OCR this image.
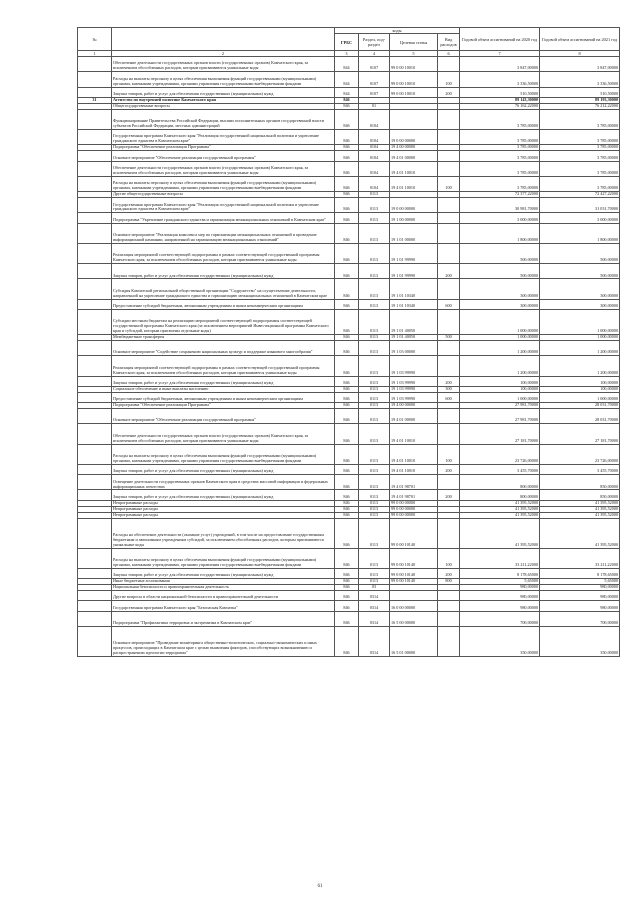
№		коды				Годовой объем ассигнований на 2020 год	Годовой объем ассигнований на 2021 год
		ГРБС	Раздел, под-раздел	Целевая статья	Вид расходов		
1	2	3	4	5	6	7	8
	Обеспечение деятельности государственных органов власти (государственных органов) Камчатского края, за исключением обособленных расходов, которым присваиваются уникальные коды	844	0107	99 0 00 10010		3 847,00000	3 847,00000
	Расходы на выплаты персоналу в целях обеспечения выполнения функций государственными (муниципальными) органами, казенными учреждениями, органами управления государственными внебюджетными фондами	844	0107	99 0 00 10010	100	3 336,50000	3 336,50000
	Закупка товаров, работ и услуг для обеспечения государственных (муниципальных) нужд	844	0107	99 0 00 10010	200	510,50000	510,50000
31	Агентство по внутренней политике Камчатского края	846				89 143,30000	89 193,30000
	Общегосударственные вопросы	846	01			76 162,22000	76 212,22000
	Функционирование Правительства Российской Федерации, высших исполнительных органов государственной власти субъектов Российской Федерации, местных администраций	846	0104			3 785,00000	3 785,00000
	Государственная программа Камчатского края "Реализация государственной национальной политики и укрепление гражданского единства в Камчатском крае"	846	0104	19 0 00 00000		3 785,00000	3 785,00000
	Подпрограмма "Обеспечение реализации Программы"	846	0104	19 4 00 00000		3 785,00000	3 785,00000
	Основное мероприятие "Обеспечение реализации государственной программы"	846	0104	19 4 01 00000		3 785,00000	3 785,00000
	Обеспечение деятельности государственных органов власти (государственных органов) Камчатского края, за исключением обособленных расходов, которым присваиваются уникальные коды	846	0104	19 4 01 10010		3 785,00000	3 785,00000
	Расходы на выплаты персоналу в целях обеспечения выполнения функций государственными (муниципальными) органами, казенными учреждениями, органами управления государственными внебюджетными фондами	846	0104	19 4 01 10010	100	3 785,00000	3 785,00000
	Другие общегосударственные вопросы	846	0113			72 377,22000	72 427,22000
	Государственная программа Камчатского края "Реализация государственной национальной политики и укрепление гражданского единства в Камчатском крае"	846	0113	19 0 00 00000		30 981,70000	31 031,70000
	Подпрограмма "Укрепление гражданского единства и гармонизация межнациональных отношений в Камчатском крае"	846	0113	19 1 00 00000		3 000,00000	3 000,00000
	Основное мероприятие "Реализация комплекса мер по гармонизации межнациональных отношений и проведение информационной кампании, направленной на гармонизацию межнациональных отношений"	846	0113	19 1 01 00000		1 800,00000	1 800,00000
	Реализация мероприятий соответствующей подпрограммы в рамках соответствующей государственной программы Камчатского края, за исключением обособленных расходов, которым присваиваются уникальные коды	846	0113	19 1 01 99990		500,00000	500,00000
	Закупка товаров, работ и услуг для обеспечения государственных (муниципальных) нужд	846	0113	19 1 01 99990	200	500,00000	500,00000
	Субсидия Камчатской региональной общественной организации "Содружество" на осуществление деятельности, направленной на укрепление гражданского единства и гармонизацию межнациональных отношений в Камчатском крае	846	0113	19 1 01 10340		300,00000	300,00000
	Предоставление субсидий бюджетным, автономным учреждениям и иным некоммерческим организациям	846	0113	19 1 01 10340	600	300,00000	300,00000
	Субсидии местным бюджетам на реализацию мероприятий соответствующей подпрограммы соответствующей государственной программы Камчатского края (за исключением мероприятий Инвестиционной программы Камчатского края и субсидий, которым присвоены отдельные коды)	846	0113	19 1 01 40050		1 000,00000	1 000,00000
	Межбюджетные трансферты	846	0113	19 1 01 40050	500	1 000,00000	1 000,00000
	Основное мероприятие "Содействие сохранению национальных культур и поддержке языкового многообразия"	846	0113	19 1 03 00000		1 200,00000	1 200,00000
	Реализация мероприятий соответствующей подпрограммы в рамках соответствующей государственной программы Камчатского края, за исключением обособленных расходов, которым присваиваются уникальные коды	846	0113	19 1 03 99990		1 200,00000	1 200,00000
	Закупка товаров, работ и услуг для обеспечения государственных (муниципальных) нужд	846	0113	19 1 03 99990	200	100,00000	100,00000
	Социальное обеспечение и иные выплаты населению	846	0113	19 1 03 99990	300	100,00000	100,00000
	Предоставление субсидий бюджетным, автономным учреждениям и иным некоммерческим организациям	846	0113	19 1 03 99990	600	1 000,00000	1 000,00000
	Подпрограмма "Обеспечение реализации Программы"	846	0113	19 4 00 00000		27 981,70000	28 031,70000
	Основное мероприятие "Обеспечение реализации государственной программы"	846	0113	19 4 01 00000		27 981,70000	28 031,70000
	Обеспечение деятельности государственных органов власти (государственных органов) Камчатского края, за исключением обособленных расходов, которым присваиваются уникальные коды	846	0113	19 4 01 10010		27 181,70000	27 181,70000
	Расходы на выплаты персоналу в целях обеспечения выполнения функций государственными (муниципальными) органами, казенными учреждениями, органами управления государственными внебюджетными фондами	846	0113	19 4 01 10010	100	23 726,00000	23 726,00000
	Закупка товаров, работ и услуг для обеспечения государственных (муниципальных) нужд	846	0113	19 4 01 10010	200	3 455,70000	3 455,70000
	Освещение деятельности государственных органов Камчатского края в средствах массовой информации и федеральных информационных агентствах	846	0113	19 4 01 98701		800,00000	850,00000
	Закупка товаров, работ и услуг для обеспечения государственных (муниципальных) нужд	846	0113	19 4 01 98701	200	800,00000	850,00000
	Непрограммные расходы	846	0113	99 0 00 00000		41 395,52000	41 395,52000
	Непрограммные расходы	846	0113	99 0 00 00000		41 395,52000	41 395,52000
	Непрограммные расходы	846	0113	99 0 00 00000		41 395,52000	41 395,52000
	Расходы на обеспечение деятельности (оказание услуг) учреждений, в том числе на предоставление государственным бюджетным и автономным учреждениям субсидий, за исключением обособленных расходов, которым присваиваются уникальные коды	846	0113	99 0 00 10140		41 395,52000	41 395,52000
	Расходы на выплаты персоналу в целях обеспечения выполнения функций государственными (муниципальными) органами, казенными учреждениями, органами управления государственными внебюджетными фондами	846	0113	99 0 00 10140	100	33 211,22000	33 211,22000
	Закупка товаров, работ и услуг для обеспечения государственных (муниципальных) нужд	846	0113	99 0 00 10140	200	8 178,65000	8 178,65000
	Иные бюджетные ассигнования	846	0113	99 0 00 10140	800	5,65000	5,65000
	Национальная безопасность и правоохранительная деятельность	846	03			980,00000	980,00000
	Другие вопросы в области национальной безопасности и правоохранительной деятельности	846	0314			980,00000	980,00000
	Государственная программа Камчатского края "Безопасная Камчатка"	846	0314	16 0 00 00000		980,00000	980,00000
	Подпрограмма "Профилактика терроризма и экстремизма в Камчатском крае"	846	0314	16 5 00 00000		700,00000	700,00000
	Основное мероприятие "Проведение мониторинга общественно-политических, социально-экономических и иных процессов, происходящих в Камчатском крае с целью выявления факторов, способствующих возникновению и распространению идеологии терроризма"	846	0314	16 5 01 00000		350,00000	350,00000
61
